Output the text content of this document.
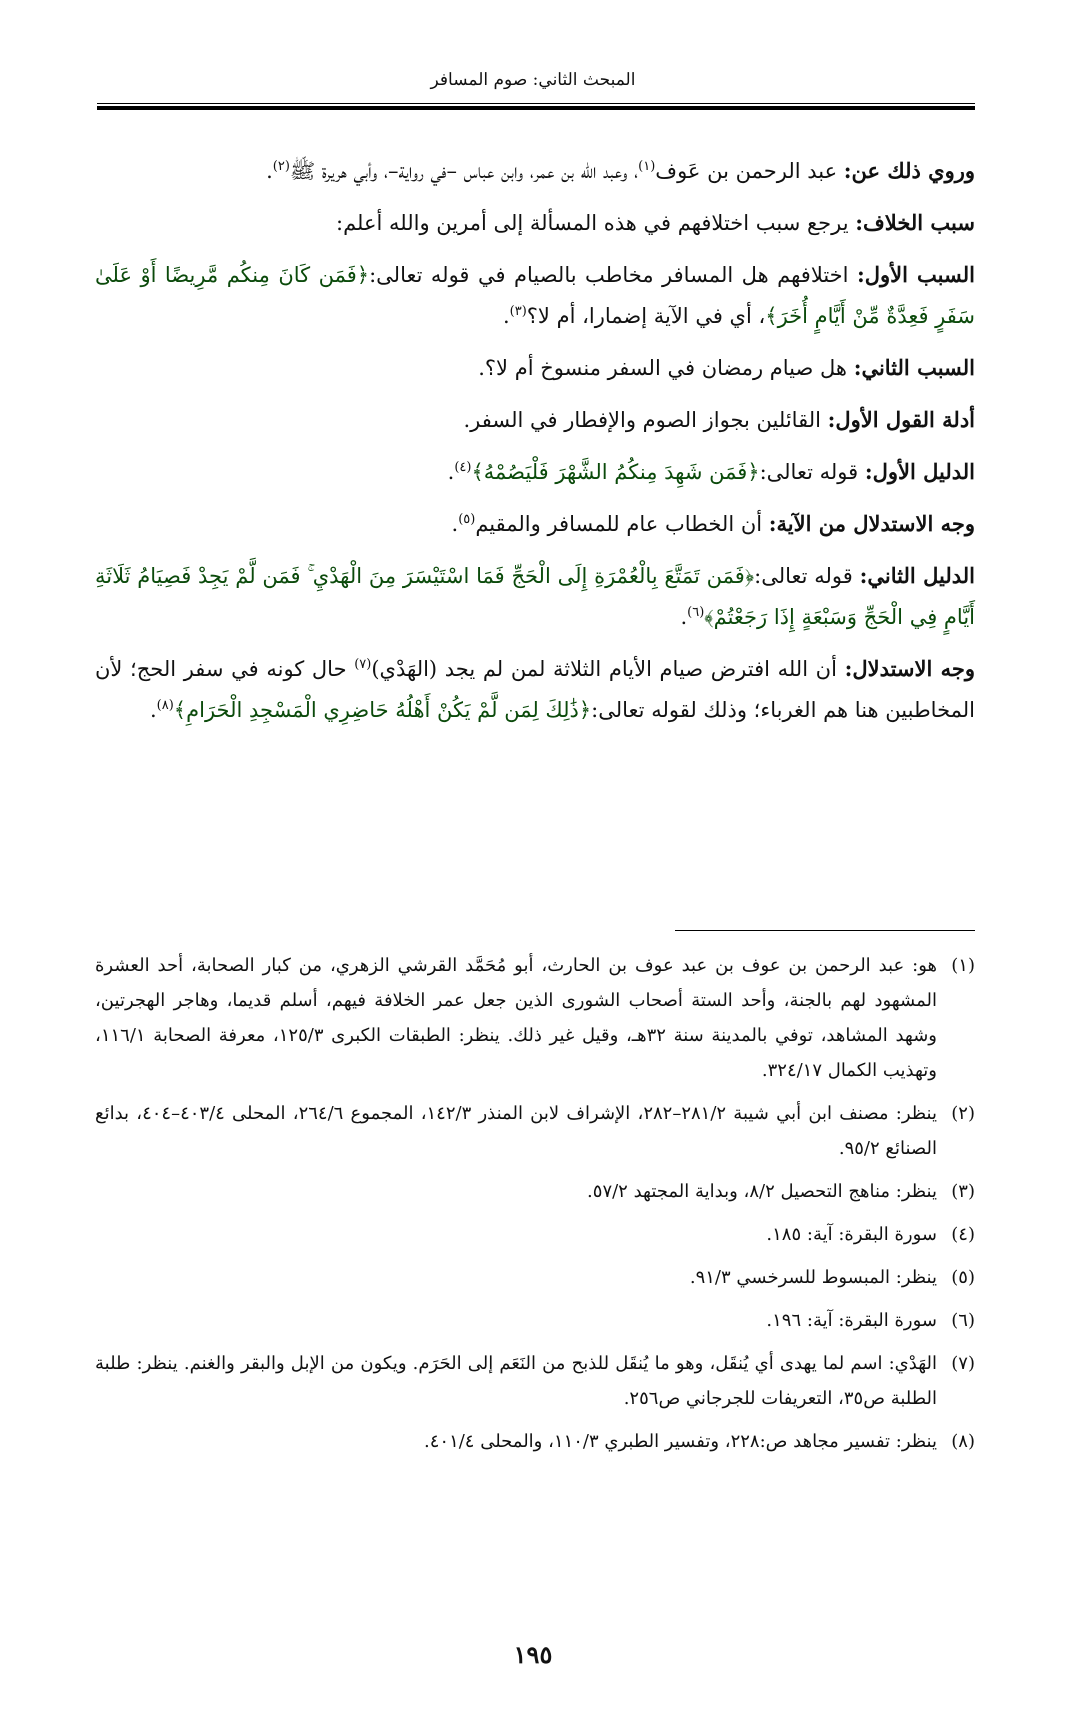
المبحث الثاني: صوم المسافر

وروي ذلك عن: عبد الرحمن بن عَوف$^{(١)}$، وعبد الله بن عمر، وابن عباس –في رواية–، وأبي هريرة ﷺ$^{(٢)}$.

سبب الخلاف: يرجع سبب اختلافهم في هذه المسألة إلى أمرين والله أعلم:

السبب الأول: اختلافهم هل المسافر مخاطب بالصيام في قوله تعالى:﴿فَمَن كَانَ مِنكُم مَّرِيضًا أَوْ عَلَىٰ سَفَرٍ فَعِدَّةٌ مِّنْ أَيَّامٍ أُخَرَ﴾، أي في الآية إضمارا، أم لا؟$^{(٣)}$.

السبب الثاني: هل صيام رمضان في السفر منسوخ أم لا؟.

أدلة القول الأول: القائلين بجواز الصوم والإفطار في السفر.

الدليل الأول: قوله تعالى:﴿فَمَن شَهِدَ مِنكُمُ الشَّهْرَ فَلْيَصُمْهُ﴾$^{(٤)}$.

وجه الاستدلال من الآية: أن الخطاب عام للمسافر والمقيم$^{(٥)}$.

الدليل الثاني: قوله تعالى:﴿فَمَن تَمَتَّعَ بِالْعُمْرَةِ إِلَى الْحَجِّ فَمَا اسْتَيْسَرَ مِنَ الْهَدْيِ ۚ فَمَن لَّمْ يَجِدْ فَصِيَامُ ثَلَاثَةِ أَيَّامٍ فِي الْحَجِّ وَسَبْعَةٍ إِذَا رَجَعْتُمْ﴾$^{(٦)}$.

وجه الاستدلال: أن الله افترض صيام الأيام الثلاثة لمن لم يجد (الهَدْي)$^{(٧)}$ حال كونه في سفر الحج؛ لأن المخاطبين هنا هم الغرباء؛ وذلك لقوله تعالى:﴿ذَٰلِكَ لِمَن لَّمْ يَكُنْ أَهْلُهُ حَاضِرِي الْمَسْجِدِ الْحَرَامِ﴾$^{(٨)}$.

(١)
هو: عبد الرحمن بن عوف بن عبد عوف بن الحارث، أبو مُحَمَّد القرشي الزهري، من كبار الصحابة، أحد العشرة المشهود لهم بالجنة، وأحد الستة أصحاب الشورى الذين جعل عمر الخلافة فيهم، أسلم قديما، وهاجر الهجرتين، وشهد المشاهد، توفي بالمدينة سنة ٣٢هـ، وقيل غير ذلك. ينظر: الطبقات الكبرى ١٢٥/٣، معرفة الصحابة ١١٦/١، وتهذيب الكمال ٣٢٤/١٧.
(٢)
ينظر: مصنف ابن أبي شيبة ٢٨١/٢–٢٨٢، الإشراف لابن المنذر ١٤٢/٣، المجموع ٢٦٤/٦، المحلى ٤٠٣/٤–٤٠٤، بدائع الصنائع ٩٥/٢.
(٣)
ينظر: مناهج التحصيل ٨/٢، وبداية المجتهد ٥٧/٢.
(٤)
سورة البقرة: آية: ١٨٥.
(٥)
ينظر: المبسوط للسرخسي ٩١/٣.
(٦)
سورة البقرة: آية: ١٩٦.
(٧)
الهَدْي: اسم لما يهدى أي يُنقَل، وهو ما يُنقَل للذبح من النَعَم إلى الحَرَم. ويكون من الإبل والبقر والغنم. ينظر: طلبة الطلبة ص٣٥، التعريفات للجرجاني ص٢٥٦.
(٨)
ينظر: تفسير مجاهد ص:٢٢٨، وتفسير الطبري ١١٠/٣، والمحلى ٤٠١/٤.
١٩٥
